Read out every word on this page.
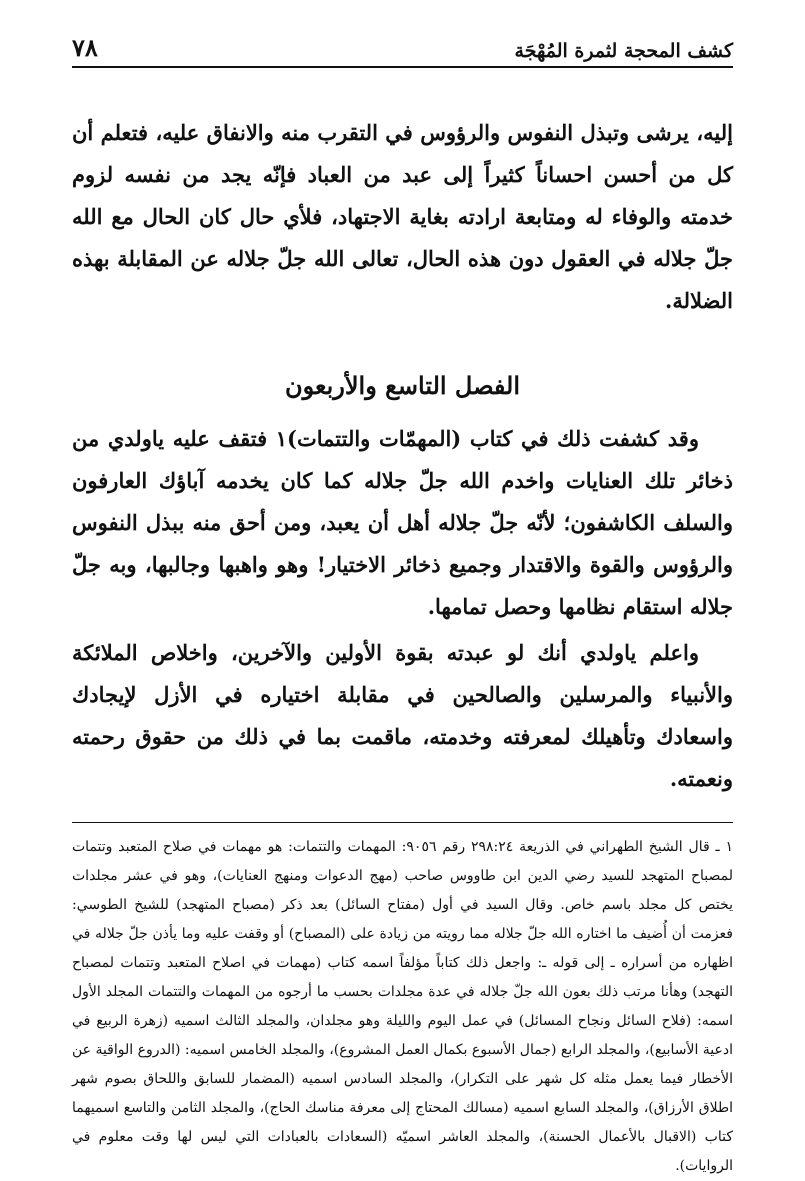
كشف المحجة لثمرة المُهْجَة
٧٨

إليه، يرشى وتبذل النفوس والرؤوس في التقرب منه والانفاق عليه، فتعلم أن كل من أحسن احساناً كثيراً إلى عبد من العباد فإنّه يجد من نفسه لزوم خدمته والوفاء له ومتابعة ارادته بغاية الاجتهاد، فلأي حال كان الحال مع الله جلّ جلاله في العقول دون هذه الحال، تعالى الله جلّ جلاله عن المقابلة بهذه الضلالة.

الفصل التاسع والأربعون

وقد كشفت ذلك في كتاب (المهمّات والتتمات)١ فتقف عليه ياولدي من ذخائر تلك العنايات واخدم الله جلّ جلاله كما كان يخدمه آباؤك العارفون والسلف الكاشفون؛ لأنّه جلّ جلاله أهل أن يعبد، ومن أحق منه ببذل النفوس والرؤوس والقوة والاقتدار وجميع ذخائر الاختيار! وهو واهبها وجالبها، وبه جلّ جلاله استقام نظامها وحصل تمامها.

واعلم ياولدي أنك لو عبدته بقوة الأولين والآخرين، واخلاص الملائكة والأنبياء والمرسلين والصالحين في مقابلة اختياره في الأزل لإيجادك واسعادك وتأهيلك لمعرفته وخدمته، ماقمت بما في ذلك من حقوق رحمته ونعمته.

١ ـ قال الشيخ الطهراني في الذريعة ٢٩٨:٢٤ رقم ٩٠٥٦: المهمات والتتمات: هو مهمات في صلاح المتعبد وتتمات لمصباح المتهجد للسيد رضي الدين ابن طاووس صاحب (مهج الدعوات ومنهج العنايات)، وهو في عشر مجلدات يختص كل مجلد باسم خاص. وقال السيد في أول (مفتاح السائل) بعد ذكر (مصباح المتهجد) للشيخ الطوسي: فعزمت أن أُضيف ما اختاره الله جلّ جلاله مما رويته من زيادة على (المصباح) أو وقفت عليه وما يأذن جلّ جلاله في اظهاره من أسراره ـ إلى قوله ـ: واجعل ذلك كتاباً مؤلفاً اسمه كتاب (مهمات في اصلاح المتعبد وتتمات لمصباح التهجد) وهأنا مرتب ذلك بعون الله جلّ جلاله في عدة مجلدات بحسب ما أرجوه من المهمات والتتمات المجلد الأول اسمه: (فلاح السائل ونجاح المسائل) في عمل اليوم والليلة وهو مجلدان، والمجلد الثالث اسميه (زهرة الربيع في ادعية الأسابيع)، والمجلد الرابع (جمال الأسبوع بكمال العمل المشروع)، والمجلد الخامس اسميه: (الدروع الواقية عن الأخطار فيما يعمل مثله كل شهر على التكرار)، والمجلد السادس اسميه (المضمار للسابق واللحاق بصوم شهر اطلاق الأرزاق)، والمجلد السابع اسميه (مسالك المحتاج إلى معرفة مناسك الحاج)، والمجلد الثامن والتاسع اسميهما كتاب (الاقبال بالأعمال الحسنة)، والمجلد العاشر اسميّه (السعادات بالعبادات التي ليس لها وقت معلوم في الروايات).
